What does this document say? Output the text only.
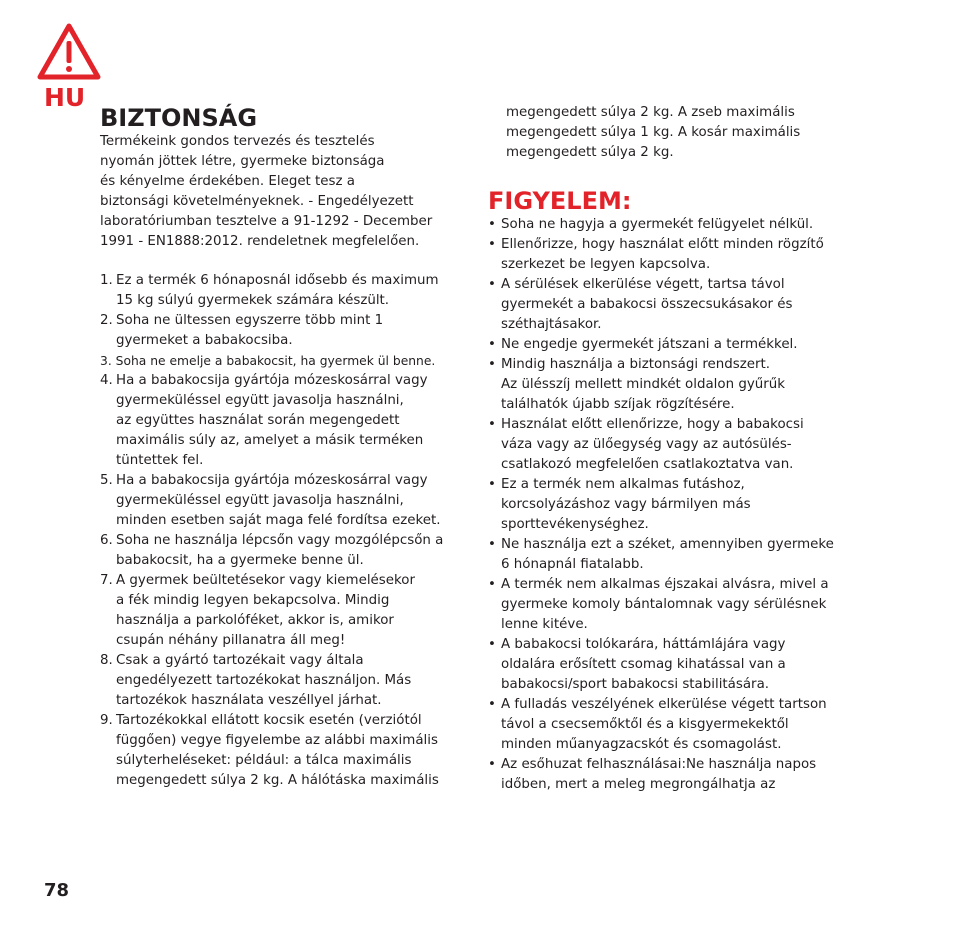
HU
BIZTONSÁG
Termékeink gondos tervezés és tesztelés
nyomán jöttek létre, gyermeke biztonsága
és kényelme érdekében. Eleget tesz a
biztonsági követelményeknek. - Engedélyezett
laboratóriumban tesztelve a 91-1292 - December
1991 - EN1888:2012. rendeletnek megfelelően.
1. Ez a termék 6 hónaposnál idősebb és maximum
15 kg súlyú gyermekek számára készült.
2. Soha ne ültessen egyszerre több mint 1
gyermeket a babakocsiba.
3. Soha ne emelje a babakocsit, ha gyermek ül benne.
4. Ha a babakocsija gyártója mózeskosárral vagy
gyermeküléssel együtt javasolja használni,
az együttes használat során megengedett
maximális súly az, amelyet a másik terméken
tüntettek fel.
5. Ha a babakocsija gyártója mózeskosárral vagy
gyermeküléssel együtt javasolja használni,
minden esetben saját maga felé fordítsa ezeket.
6. Soha ne használja lépcsőn vagy mozgólépcsőn a
babakocsit, ha a gyermeke benne ül.
7. A gyermek beültetésekor vagy kiemelésekor
a fék mindig legyen bekapcsolva. Mindig
használja a parkolóféket, akkor is, amikor
csupán néhány pillanatra áll meg!
8. Csak a gyártó tartozékait vagy általa
engedélyezett tartozékokat használjon. Más
tartozékok használata veszéllyel járhat.
9. Tartozékokkal ellátott kocsik esetén (verziótól
függően) vegye figyelembe az alábbi maximális
súlyterheléseket: például: a tálca maximális
megengedett súlya 2 kg. A hálótáska maximális
megengedett súlya 2 kg. A zseb maximális
megengedett súlya 1 kg. A kosár maximális
megengedett súlya 2 kg.
FIGYELEM:
• Soha ne hagyja a gyermekét felügyelet nélkül.
• Ellenőrizze, hogy használat előtt minden rögzítő
szerkezet be legyen kapcsolva.
• A sérülések elkerülése végett, tartsa távol
gyermekét a babakocsi összecsukásakor és
széthajtásakor.
• Ne engedje gyermekét játszani a termékkel.
• Mindig használja a biztonsági rendszert.
Az ülésszíj mellett mindkét oldalon gyűrűk
találhatók újabb szíjak rögzítésére.
• Használat előtt ellenőrizze, hogy a babakocsi
váza vagy az ülőegység vagy az autósülés-
csatlakozó megfelelően csatlakoztatva van.
• Ez a termék nem alkalmas futáshoz,
korcsolyázáshoz vagy bármilyen más
sporttevékenységhez.
• Ne használja ezt a széket, amennyiben gyermeke
6 hónapnál fiatalabb.
• A termék nem alkalmas éjszakai alvásra, mivel a
gyermeke komoly bántalomnak vagy sérülésnek
lenne kitéve.
• A babakocsi tolókarára, háttámlájára vagy
oldalára erősített csomag kihatással van a
babakocsi/sport babakocsi stabilitására.
• A fulladás veszélyének elkerülése végett tartson
távol a csecsemőktől és a kisgyermekektől
minden műanyagzacskót és csomagolást.
• Az esőhuzat felhasználásai:Ne használja napos
időben, mert a meleg megrongálhatja az
78
